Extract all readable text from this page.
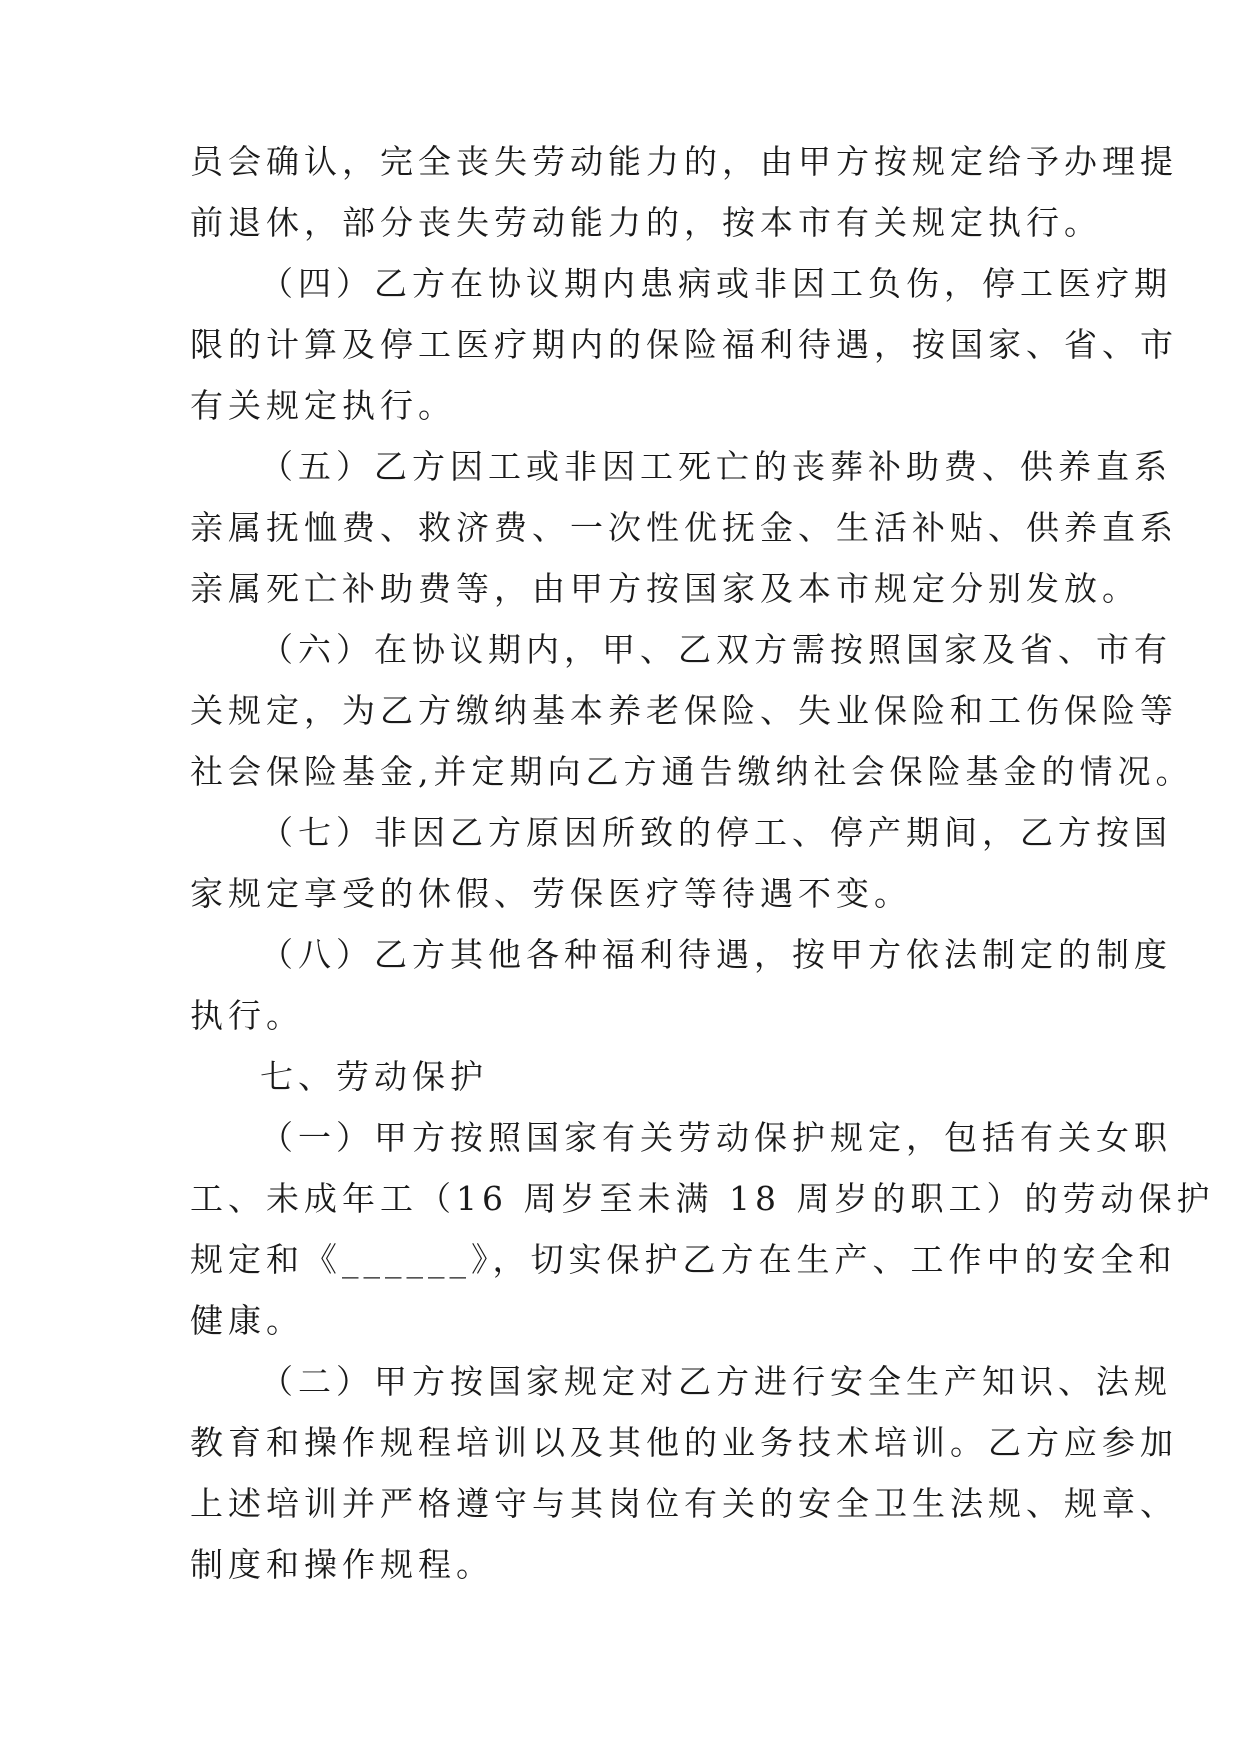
员会确认，完全丧失劳动能力的，由甲方按规定给予办理提
前退休，部分丧失劳动能力的，按本市有关规定执行。
（四）乙方在协议期内患病或非因工负伤，停工医疗期
限的计算及停工医疗期内的保险福利待遇，按国家、省、市
有关规定执行。
（五）乙方因工或非因工死亡的丧葬补助费、供养直系
亲属抚恤费、救济费、一次性优抚金、生活补贴、供养直系
亲属死亡补助费等，由甲方按国家及本市规定分别发放。
（六）在协议期内，甲、乙双方需按照国家及省、市有
关规定，为乙方缴纳基本养老保险、失业保险和工伤保险等
社会保险基金,并定期向乙方通告缴纳社会保险基金的情况。
（七）非因乙方原因所致的停工、停产期间，乙方按国
家规定享受的休假、劳保医疗等待遇不变。
（八）乙方其他各种福利待遇，按甲方依法制定的制度
执行。
七、劳动保护
（一）甲方按照国家有关劳动保护规定，包括有关女职
工、未成年工（16 周岁至未满 18 周岁的职工）的劳动保护
规定和《______》，切实保护乙方在生产、工作中的安全和
健康。
（二）甲方按国家规定对乙方进行安全生产知识、法规
教育和操作规程培训以及其他的业务技术培训。乙方应参加
上述培训并严格遵守与其岗位有关的安全卫生法规、规章、
制度和操作规程。
